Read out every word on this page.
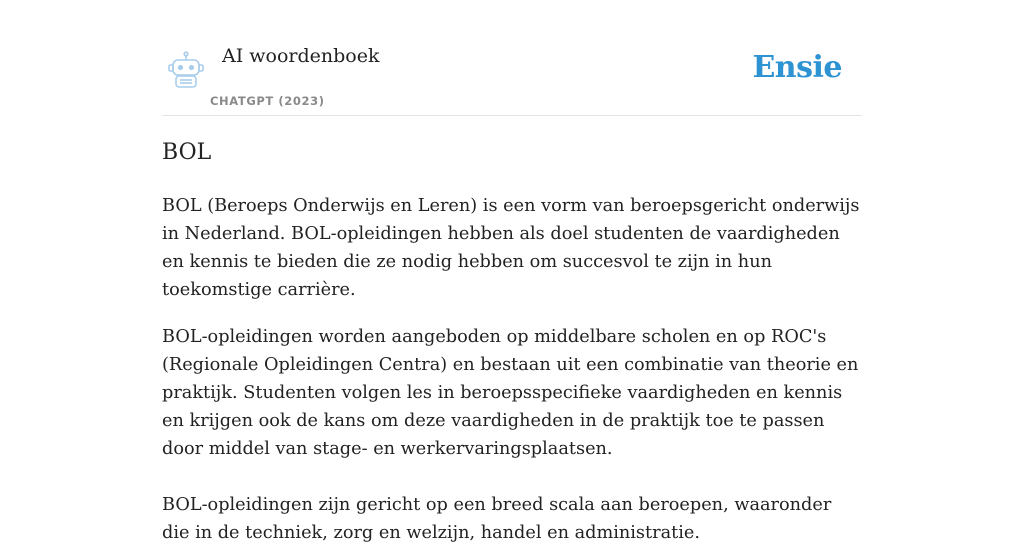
AI woordenboek
CHATGPT (2023)
Ensie
BOL

BOL (Beroeps Onderwijs en Leren) is een vorm van beroepsgericht onderwijs in Nederland. BOL-opleidingen hebben als doel studenten de vaardigheden en kennis te bieden die ze nodig hebben om succesvol te zijn in hun toekomstige carrière.

BOL-opleidingen worden aangeboden op middelbare scholen en op ROC's (Regionale Opleidingen Centra) en bestaan uit een combinatie van theorie en praktijk. Studenten volgen les in beroepsspecifieke vaardigheden en kennis en krijgen ook de kans om deze vaardigheden in de praktijk toe te passen door middel van stage- en werkervaringsplaatsen.

BOL-opleidingen zijn gericht op een breed scala aan beroepen, waaronder die in de techniek, zorg en welzijn, handel en administratie.
